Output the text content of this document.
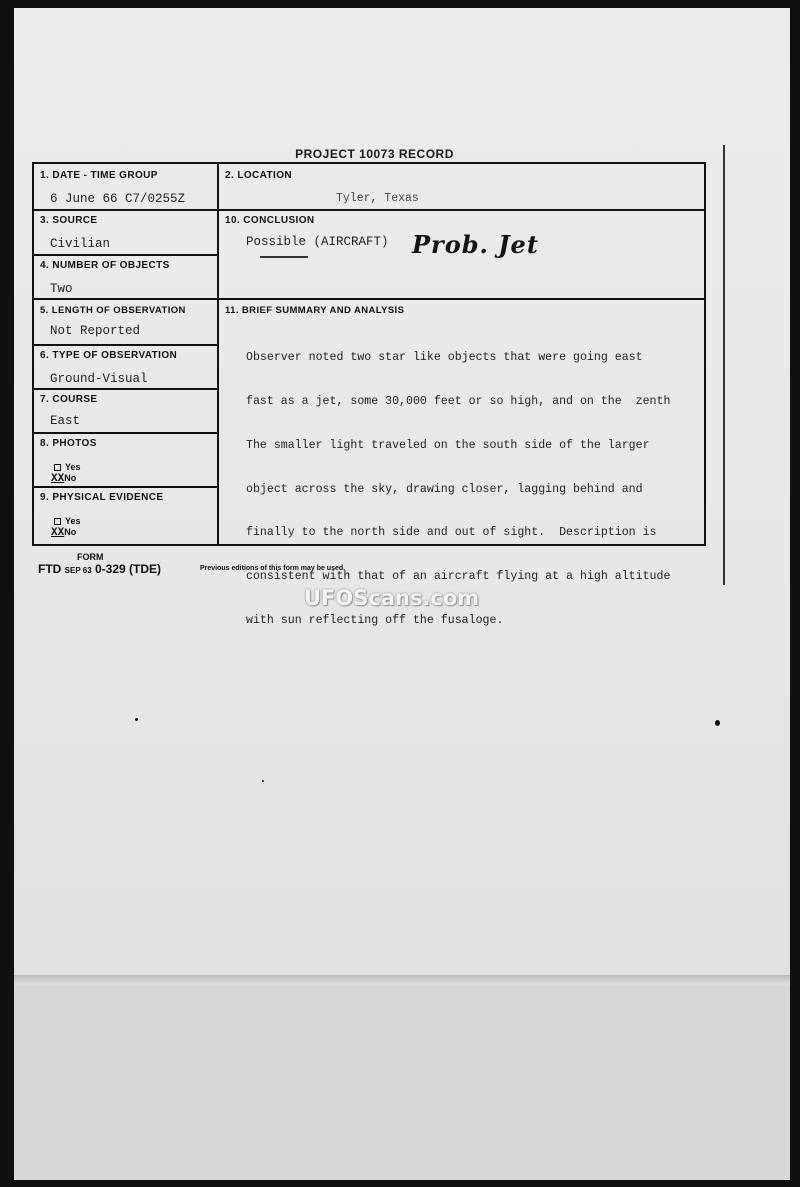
PROJECT 10073 RECORD
1. DATE - TIME GROUP
6 June 66 C7/0255Z
2. LOCATION
Tyler, Texas
3. SOURCE
Civilian
10. CONCLUSION
Possible (AIRCRAFT) Prob. Jet
4. NUMBER OF OBJECTS
Two
5. LENGTH OF OBSERVATION
Not Reported
11. BRIEF SUMMARY AND ANALYSIS

Observer noted two star like objects that were going east

fast as a jet, some 30,000 feet or so high, and on the  zenth

The smaller light traveled on the south side of the larger

object across the sky, drawing closer, lagging behind and

finally to the north side and out of sight.  Description is

consistent with that of an aircraft flying at a high altitude

with sun reflecting off the fusaloge.

6. TYPE OF OBSERVATION
Ground-Visual
7. COURSE
East
8. PHOTOS
Yes
XXNo
9. PHYSICAL EVIDENCE
Yes
XXNo
FORM
FTD SEP 63 0-329 (TDE)	Previous editions of this form may be used.
UFOScans.com
